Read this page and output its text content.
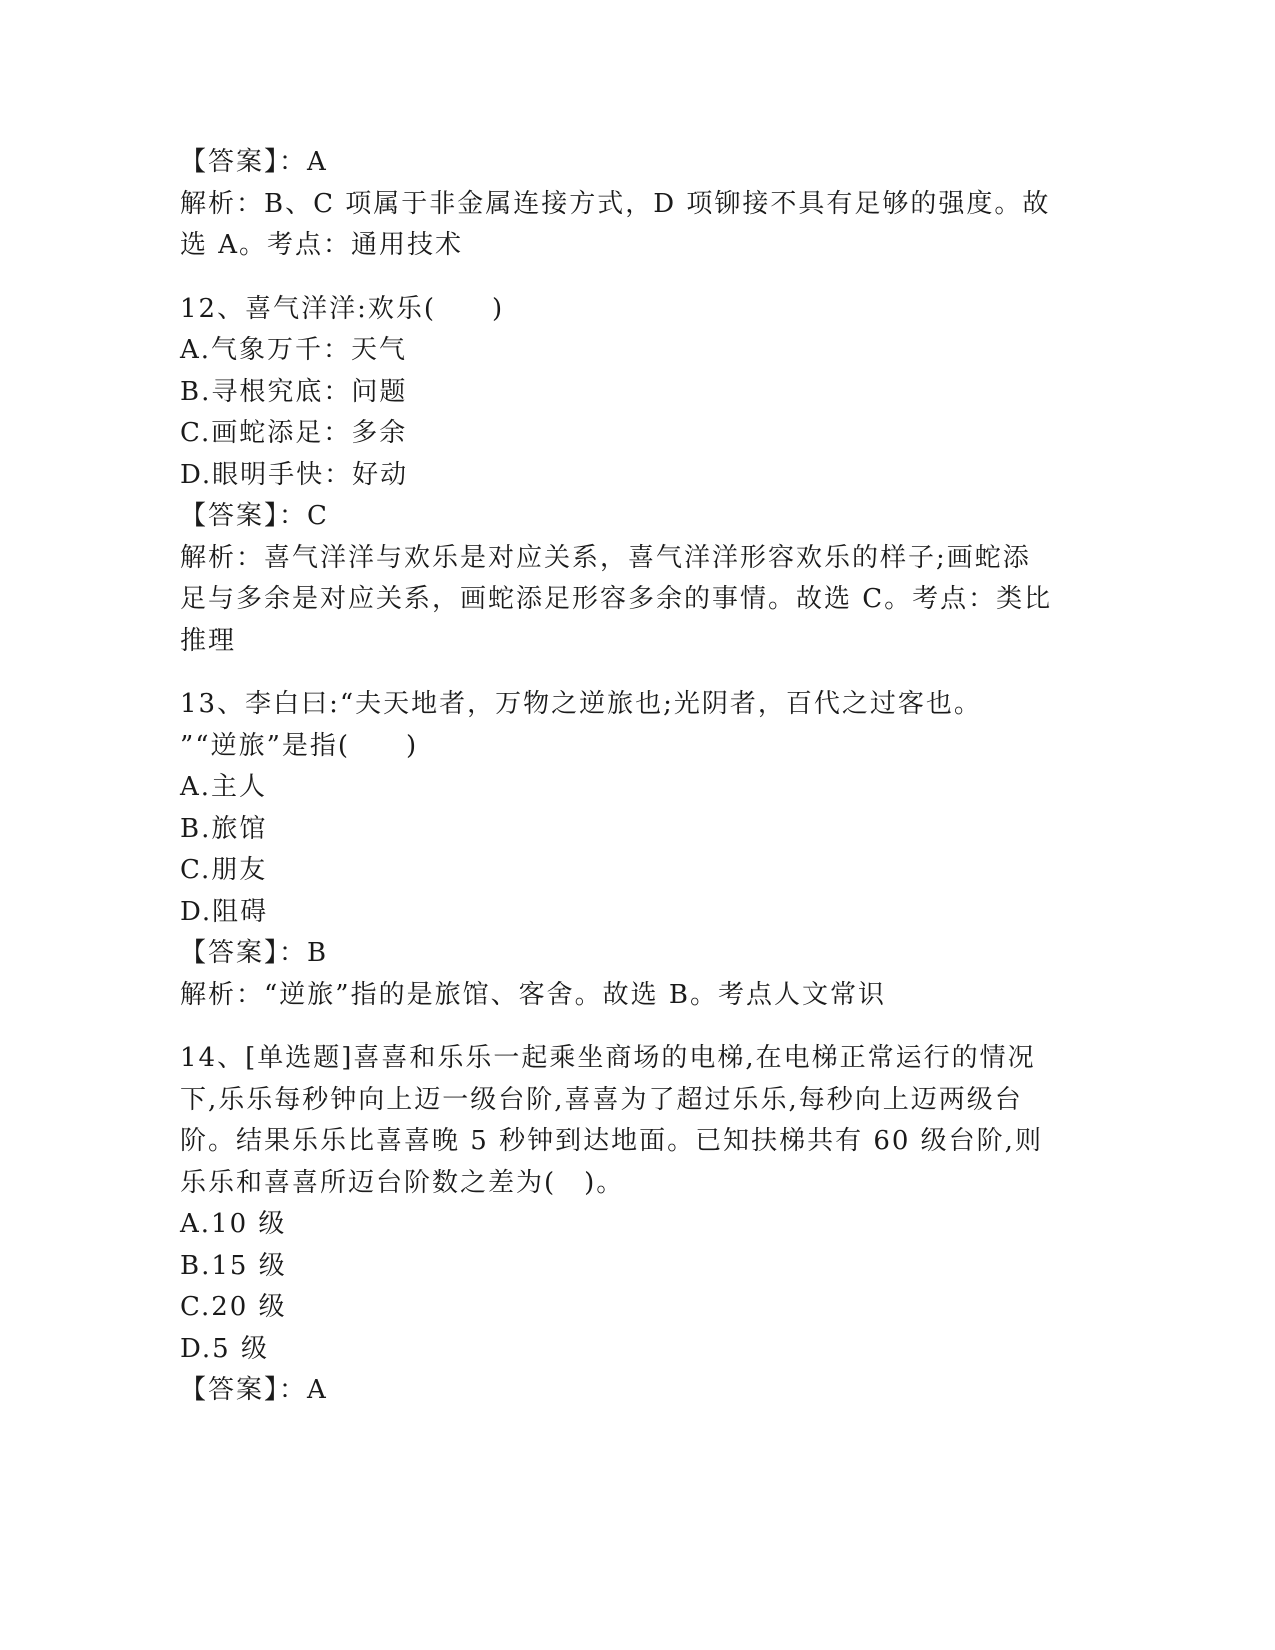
【答案】：A
解析：B、C 项属于非金属连接方式，D 项铆接不具有足够的强度。故
选 A。考点：通用技术
12、喜气洋洋:欢乐(　　)
A.气象万千：天气
B.寻根究底：问题
C.画蛇添足：多余
D.眼明手快：好动
【答案】：C
解析：喜气洋洋与欢乐是对应关系，喜气洋洋形容欢乐的样子;画蛇添
足与多余是对应关系，画蛇添足形容多余的事情。故选 C。考点：类比
推理
13、李白曰:“夫天地者，万物之逆旅也;光阴者，百代之过客也。
”“逆旅”是指(　　)
A.主人
B.旅馆
C.朋友
D.阻碍
【答案】：B
解析：“逆旅”指的是旅馆、客舍。故选 B。考点人文常识
14、[单选题]喜喜和乐乐一起乘坐商场的电梯,在电梯正常运行的情况
下,乐乐每秒钟向上迈一级台阶,喜喜为了超过乐乐,每秒向上迈两级台
阶。结果乐乐比喜喜晚 5 秒钟到达地面。已知扶梯共有 60 级台阶,则
乐乐和喜喜所迈台阶数之差为(　)。
A.10 级
B.15 级
C.20 级
D.5 级
【答案】：A
